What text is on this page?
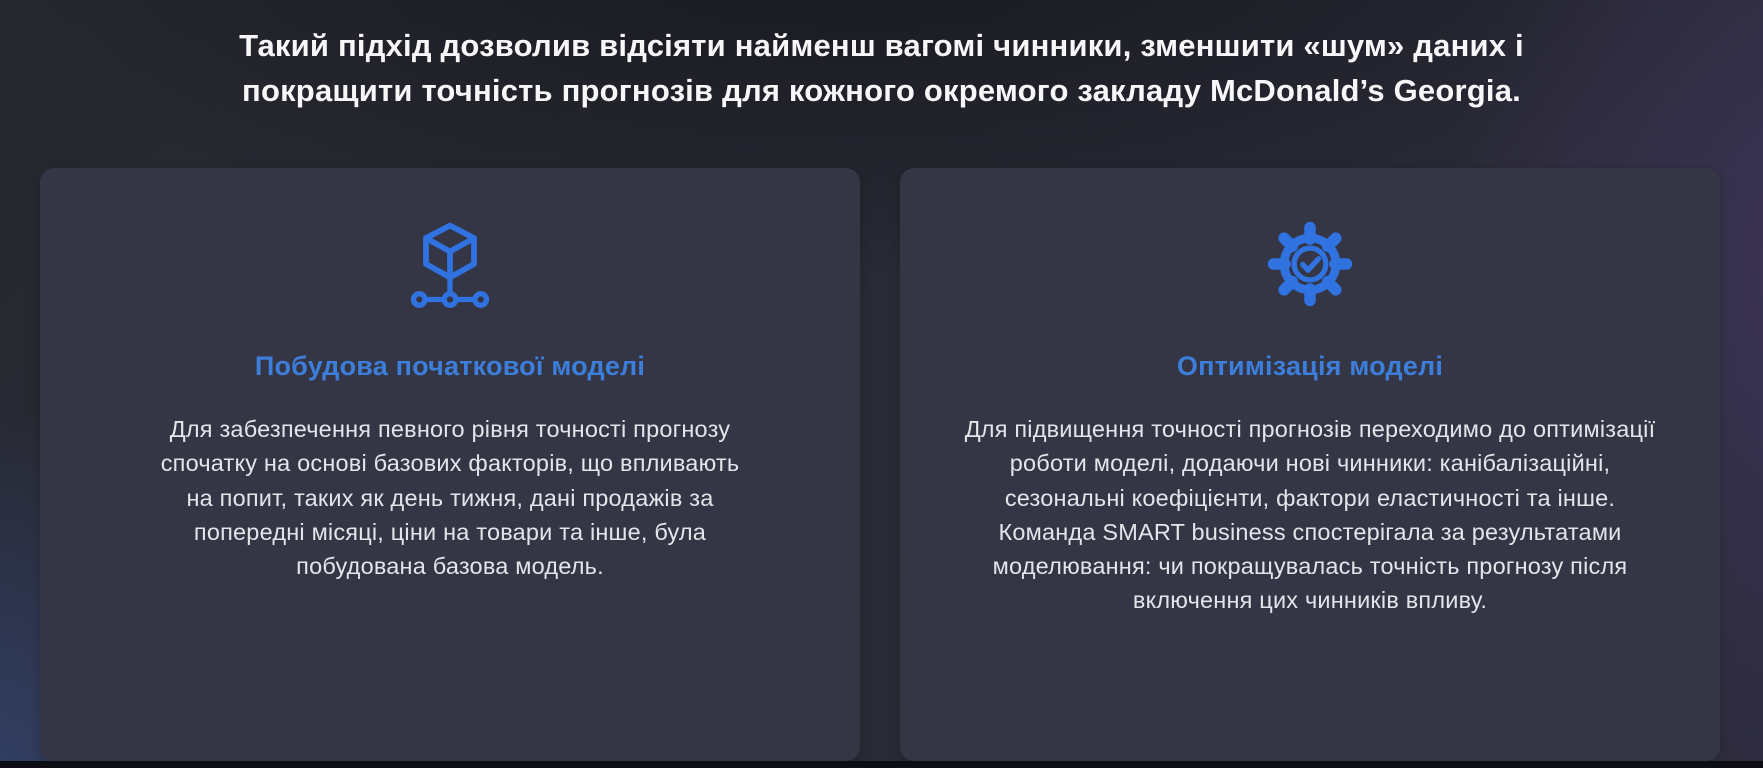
Такий підхід дозволив відсіяти найменш вагомі чинники, зменшити «шум» даних і покращити точність прогнозів для кожного окремого закладу McDonald’s Georgia.
Побудова початкової моделі
Для забезпечення певного рівня точності прогнозу спочатку на основі базових факторів, що впливають на попит, таких як день тижня, дані продажів за попередні місяці, ціни на товари та інше, була побудована базова модель.
Оптимізація моделі
Для підвищення точності прогнозів переходимо до оптимізації роботи моделі, додаючи нові чинники: канібалізаційні, сезональні коефіцієнти, фактори еластичності та інше. Команда SMART business спостерігала за результатами моделювання: чи покращувалась точність прогнозу після включення цих чинників впливу.
